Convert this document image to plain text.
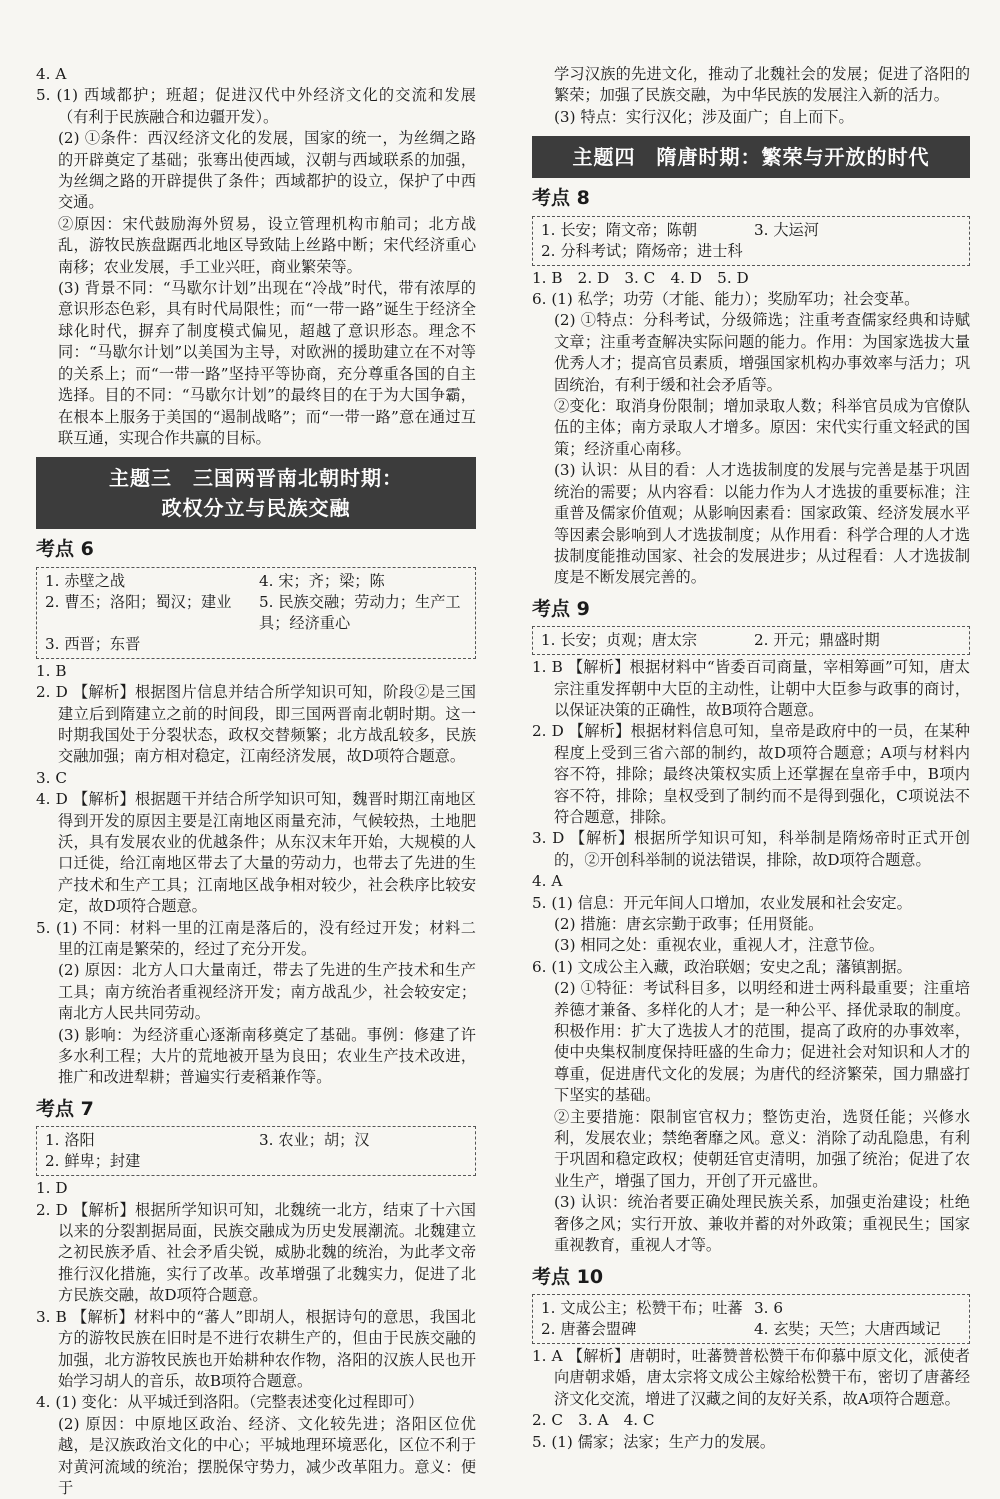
4. A

5. (1) 西域都护；班超；促进汉代中外经济文化的交流和发展（有利于民族融合和边疆开发）。

(2) ①条件：西汉经济文化的发展，国家的统一，为丝绸之路的开辟奠定了基础；张骞出使西域，汉朝与西域联系的加强，为丝绸之路的开辟提供了条件；西域都护的设立，保护了中西交通。

②原因：宋代鼓励海外贸易，设立管理机构市舶司；北方战乱，游牧民族盘踞西北地区导致陆上丝路中断；宋代经济重心南移；农业发展，手工业兴旺，商业繁荣等。

(3) 背景不同：“马歇尔计划”出现在“冷战”时代，带有浓厚的意识形态色彩，具有时代局限性；而“一带一路”诞生于经济全球化时代，摒弃了制度模式偏见，超越了意识形态。理念不同：“马歇尔计划”以美国为主导，对欧洲的援助建立在不对等的关系上；而“一带一路”坚持平等协商，充分尊重各国的自主选择。目的不同：“马歇尔计划”的最终目的在于为大国争霸，在根本上服务于美国的“遏制战略”；而“一带一路”意在通过互联互通，实现合作共赢的目标。

主题三　三国两晋南北朝时期：
政权分立与民族交融
考点 6
1. 赤壁之战	4. 宋；齐；梁；陈
2. 曹丕；洛阳；蜀汉；建业	5. 民族交融；劳动力；生产工具；经济重心
3. 西晋；东晋

1. B

2. D 【解析】根据图片信息并结合所学知识可知，阶段②是三国建立后到隋建立之前的时间段，即三国两晋南北朝时期。这一时期我国处于分裂状态，政权交替频繁；北方战乱较多，民族交融加强；南方相对稳定，江南经济发展，故D项符合题意。

3. C

4. D 【解析】根据题干并结合所学知识可知，魏晋时期江南地区得到开发的原因主要是江南地区雨量充沛，气候较热，土地肥沃，具有发展农业的优越条件；从东汉末年开始，大规模的人口迁徙，给江南地区带去了大量的劳动力，也带去了先进的生产技术和生产工具；江南地区战争相对较少，社会秩序比较安定，故D项符合题意。

5. (1) 不同：材料一里的江南是落后的，没有经过开发；材料二里的江南是繁荣的，经过了充分开发。

(2) 原因：北方人口大量南迁，带去了先进的生产技术和生产工具；南方统治者重视经济开发；南方战乱少，社会较安定；南北方人民共同劳动。

(3) 影响：为经济重心逐渐南移奠定了基础。事例：修建了许多水利工程；大片的荒地被开垦为良田；农业生产技术改进，推广和改进犁耕；普遍实行麦稻兼作等。

考点 7
1. 洛阳	3. 农业；胡；汉
2. 鲜卑；封建

1. D

2. D 【解析】根据所学知识可知，北魏统一北方，结束了十六国以来的分裂割据局面，民族交融成为历史发展潮流。北魏建立之初民族矛盾、社会矛盾尖锐，威胁北魏的统治，为此孝文帝推行汉化措施，实行了改革。改革增强了北魏实力，促进了北方民族交融，故D项符合题意。

3. B 【解析】材料中的“蕃人”即胡人，根据诗句的意思，我国北方的游牧民族在旧时是不进行农耕生产的，但由于民族交融的加强，北方游牧民族也开始耕种农作物，洛阳的汉族人民也开始学习胡人的音乐，故B项符合题意。

4. (1) 变化：从平城迁到洛阳。（完整表述变化过程即可）

(2) 原因：中原地区政治、经济、文化较先进；洛阳区位优越，是汉族政治文化的中心；平城地理环境恶化，区位不利于对黄河流域的统治；摆脱保守势力，减少改革阻力。意义：便于

学习汉族的先进文化，推动了北魏社会的发展；促进了洛阳的繁荣；加强了民族交融，为中华民族的发展注入新的活力。

(3) 特点：实行汉化；涉及面广；自上而下。

主题四　隋唐时期：繁荣与开放的时代
考点 8
1. 长安；隋文帝；陈朝	3. 大运河
2. 分科考试；隋炀帝；进士科

1. B　2. D　3. C　4. D　5. D

6. (1) 私学；功劳（才能、能力）；奖励军功；社会变革。

(2) ①特点：分科考试，分级筛选；注重考查儒家经典和诗赋文章；注重考查解决实际问题的能力。作用：为国家选拔大量优秀人才；提高官员素质，增强国家机构办事效率与活力；巩固统治，有利于缓和社会矛盾等。

②变化：取消身份限制；增加录取人数；科举官员成为官僚队伍的主体；南方录取人才增多。原因：宋代实行重文轻武的国策；经济重心南移。

(3) 认识：从目的看：人才选拔制度的发展与完善是基于巩固统治的需要；从内容看：以能力作为人才选拔的重要标准；注重普及儒家价值观；从影响因素看：国家政策、经济发展水平等因素会影响到人才选拔制度；从作用看：科学合理的人才选拔制度能推动国家、社会的发展进步；从过程看：人才选拔制度是不断发展完善的。

考点 9
1. 长安；贞观；唐太宗	2. 开元；鼎盛时期

1. B 【解析】根据材料中“皆委百司商量，宰相筹画”可知，唐太宗注重发挥朝中大臣的主动性，让朝中大臣参与政事的商讨，以保证决策的正确性，故B项符合题意。

2. D 【解析】根据材料信息可知，皇帝是政府中的一员，在某种程度上受到三省六部的制约，故D项符合题意；A项与材料内容不符，排除；最终决策权实质上还掌握在皇帝手中，B项内容不符，排除；皇权受到了制约而不是得到强化，C项说法不符合题意，排除。

3. D 【解析】根据所学知识可知，科举制是隋炀帝时正式开创的，②开创科举制的说法错误，排除，故D项符合题意。

4. A

5. (1) 信息：开元年间人口增加，农业发展和社会安定。

(2) 措施：唐玄宗勤于政事；任用贤能。

(3) 相同之处：重视农业，重视人才，注意节俭。

6. (1) 文成公主入藏，政治联姻；安史之乱；藩镇割据。

(2) ①特征：考试科目多，以明经和进士两科最重要；注重培养德才兼备、多样化的人才；是一种公平、择优录取的制度。积极作用：扩大了选拔人才的范围，提高了政府的办事效率，使中央集权制度保持旺盛的生命力；促进社会对知识和人才的尊重，促进唐代文化的发展；为唐代的经济繁荣，国力鼎盛打下坚实的基础。

②主要措施：限制宦官权力；整饬吏治，选贤任能；兴修水利，发展农业；禁绝奢靡之风。意义：消除了动乱隐患，有利于巩固和稳定政权；使朝廷官吏清明，加强了统治；促进了农业生产，增强了国力，开创了开元盛世。

(3) 认识：统治者要正确处理民族关系，加强吏治建设；杜绝奢侈之风；实行开放、兼收并蓄的对外政策；重视民生；国家重视教育，重视人才等。

考点 10
1. 文成公主；松赞干布；吐蕃 3. 6
2. 唐蕃会盟碑	4. 玄奘；天竺；大唐西域记

1. A 【解析】唐朝时，吐蕃赞普松赞干布仰慕中原文化，派使者向唐朝求婚，唐太宗将文成公主嫁给松赞干布，密切了唐蕃经济文化交流，增进了汉藏之间的友好关系，故A项符合题意。

2. C　3. A　4. C

5. (1) 儒家；法家；生产力的发展。
